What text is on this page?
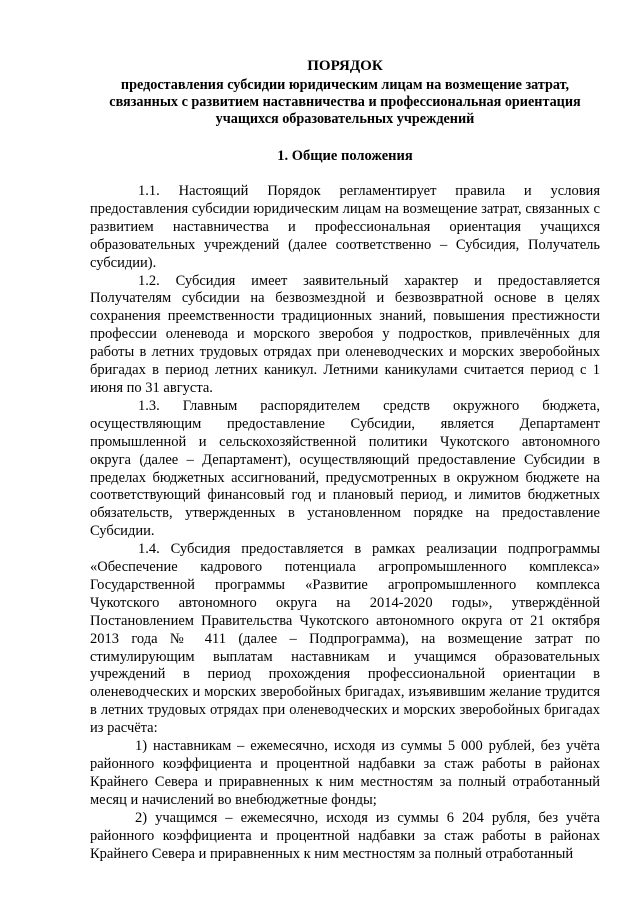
ПОРЯДОК

предоставления субсидии юридическим лицам на возмещение затрат, связанных с развитием наставничества и профессиональная ориентация учащихся образовательных учреждений

1. Общие положения

1.1. Настоящий Порядок регламентирует правила и условия предоставления субсидии юридическим лицам на возмещение затрат, связанных с развитием наставничества и профессиональная ориентация учащихся образовательных учреждений (далее соответственно – Субсидия, Получатель субсидии).

1.2. Субсидия имеет заявительный характер и предоставляется Получателям субсидии на безвозмездной и безвозвратной основе в целях сохранения преемственности традиционных знаний, повышения престижности профессии оленевода и морского зверобоя у подростков, привлечённых для работы в летних трудовых отрядах при оленеводческих и морских зверобойных бригадах в период летних каникул. Летними каникулами считается период с 1 июня по 31 августа.

1.3. Главным распорядителем средств окружного бюджета, осуществляющим предоставление Субсидии, является Департамент промышленной и сельскохозяйственной политики Чукотского автономного округа (далее – Департамент), осуществляющий предоставление Субсидии в пределах бюджетных ассигнований, предусмотренных в окружном бюджете на соответствующий финансовый год и плановый период, и лимитов бюджетных обязательств, утвержденных в установленном порядке на предоставление Субсидии.

1.4. Субсидия предоставляется в рамках реализации подпрограммы «Обеспечение кадрового потенциала агропромышленного комплекса» Государственной программы «Развитие агропромышленного комплекса Чукотского автономного округа на 2014-2020 годы», утверждённой Постановлением Правительства Чукотского автономного округа от 21 октября 2013 года № 411 (далее – Подпрограмма), на возмещение затрат по стимулирующим выплатам наставникам и учащимся образовательных учреждений в период прохождения профессиональной ориентации в оленеводческих и морских зверобойных бригадах, изъявившим желание трудится в летних трудовых отрядах при оленеводческих и морских зверобойных бригадах из расчёта:

1) наставникам – ежемесячно, исходя из суммы 5 000 рублей, без учёта районного коэффициента и процентной надбавки за стаж работы в районах Крайнего Севера и приравненных к ним местностям за полный отработанный месяц и начислений во внебюджетные фонды;

2) учащимся – ежемесячно, исходя из суммы 6 204 рубля, без учёта районного коэффициента и процентной надбавки за стаж работы в районах Крайнего Севера и приравненных к ним местностям за полный отработанный
